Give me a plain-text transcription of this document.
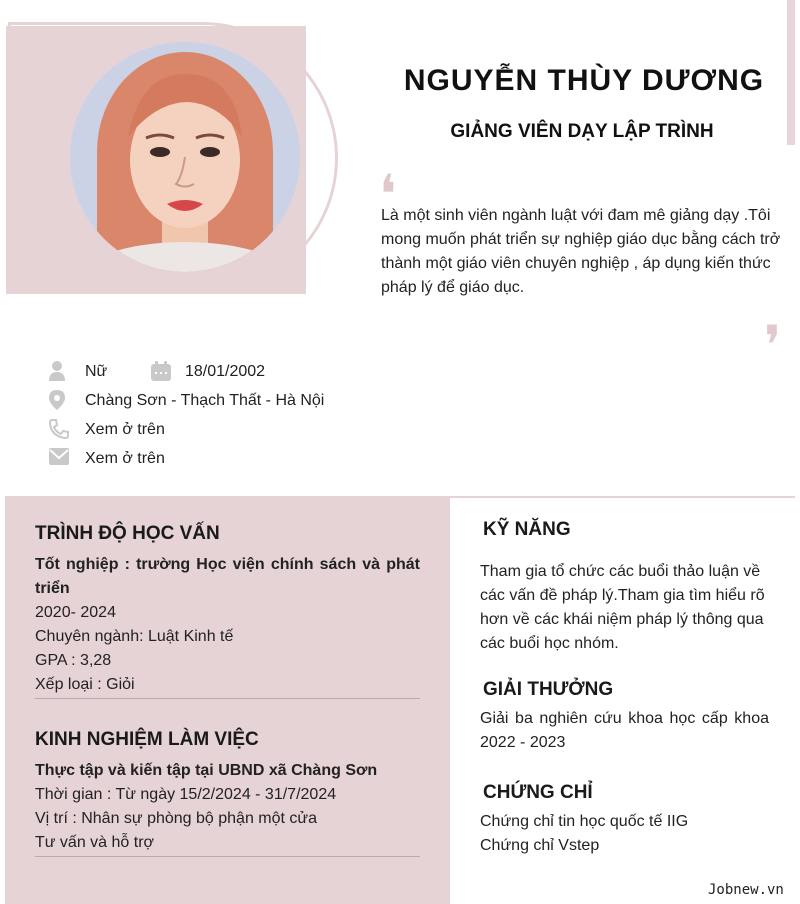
NGUYỄN THÙY DƯƠNG
GIẢNG VIÊN DẠY LẬP TRÌNH
❛
Là một sinh viên ngành luật với đam mê giảng dạy .Tôi mong muốn phát triển sự nghiệp giáo dục bằng cách trở thành một giáo viên chuyên nghiệp , áp dụng kiến thức pháp lý để giáo dục.
❛
Nữ	18/01/2002
Chàng Sơn - Thạch Thất - Hà Nội
Xem ở trên
Xem ở trên
TRÌNH ĐỘ HỌC VẤN
Tốt nghiệp : trường Học viện chính sách và phát triển
2020- 2024
Chuyên ngành: Luật Kinh tế
GPA : 3,28
Xếp loại : Giỏi
KINH NGHIỆM LÀM VIỆC
Thực tập và kiến tập tại UBND xã Chàng Sơn
Thời gian : Từ ngày 15/2/2024 - 31/7/2024
Vị trí : Nhân sự phòng bộ phận một cửa
Tư vấn và hỗ trợ
KỸ NĂNG
Tham gia tổ chức các buổi thảo luận về các vấn đề pháp lý.Tham gia tìm hiểu rõ hơn về các khái niệm pháp lý thông qua các buổi học nhóm.
GIẢI THƯỞNG
Giải ba nghiên cứu khoa học cấp khoa 2022 - 2023
CHỨNG CHỈ
Chứng chỉ tin học quốc tế IIG
Chứng chỉ Vstep
Jobnew.vn
